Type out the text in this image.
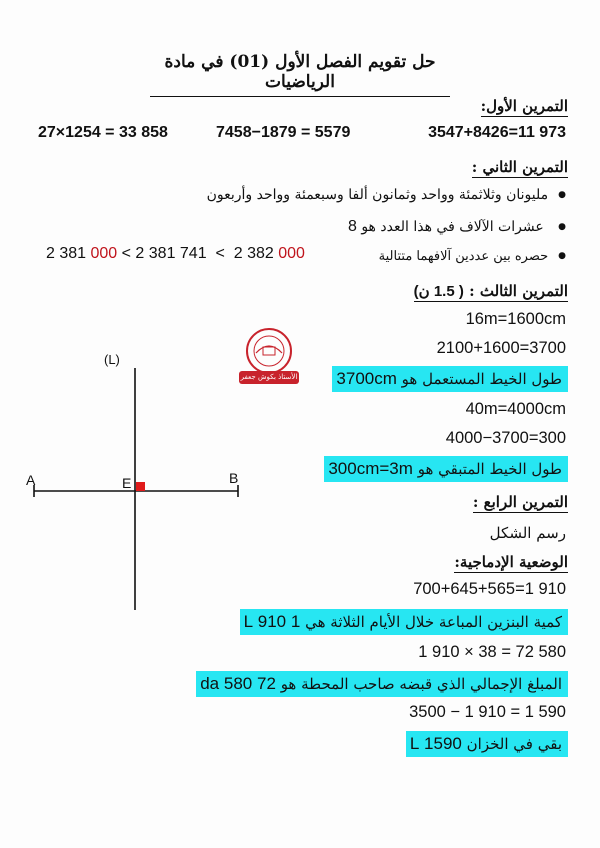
حل تقويم الفصل الأول (01) في مادة الرياضيات
التمرين الأول:
3547+8426=11 973
7458−1879 = 5579
27×1254 = 33 858
التمرين الثاني :
● مليونان وثلاثمئة وواحد وثمانون ألفا وسبعمئة وواحد وأربعون
● عشرات الآلاف في هذا العدد هو 8
● حصره بين عددين آلافهما متتالية
2 381 000 < 2 381 741  <  2 382 000
التمرين الثالث : ( 1.5 ن)
الأستاذ بكوش جعفر
16m=1600cm
2100+1600=3700
طول الخيط المستعمل هو 3700cm
40m=4000cm
4000−3700=300
طول الخيط المتبقي هو 300cm=3m
(L)
A	B
E
التمرين الرابع :
رسم الشكل
الوضعية الإدماجية:
700+645+565=1 910
كمية البنزين المباعة خلال الأيام الثلاثة هي 1 910 L
1 910 × 38 = 72 580
المبلغ الإجمالي الذي قبضه صاحب المحطة هو 72 580 da
3500 − 1 910 = 1 590
بقي في الخزان 1590 L
